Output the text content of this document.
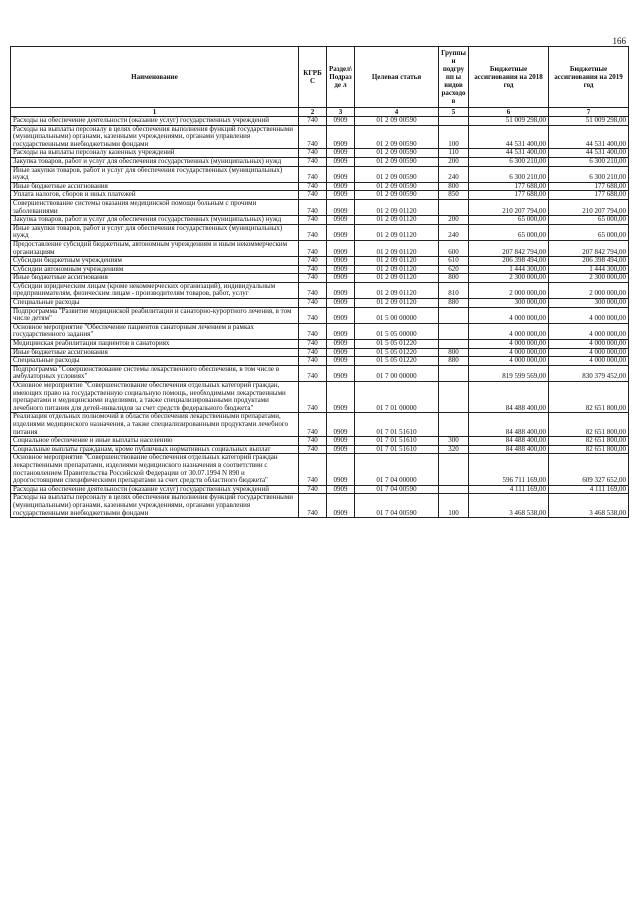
166
Наименование	КГРБС	Раздел\ Подразде л	Целевая статья	Группы и подгрупп ы видов расходов	Бюджетные ассигнования на 2018 год	Бюджетные ассигнования на 2019 год
1	2	3	4	5	6	7
Расходы на обеспечение деятельности (оказание услуг) государственных учреждений	740	0909	01 2 09 00590		51 009 298,00	51 009 298,00
Расходы на выплаты персоналу в целях обеспечения выполнения функций государственными (муниципальными) органами, казенными учреждениями, органами управления государственными внебюджетными фондами	740	0909	01 2 09 00590	100	44 531 400,00	44 531 400,00
Расходы на выплаты персоналу казенных учреждений	740	0909	01 2 09 00590	110	44 531 400,00	44 531 400,00
Закупка товаров, работ и услуг для обеспечения государственных (муниципальных) нужд	740	0909	01 2 09 00590	200	6 300 210,00	6 300 210,00
Иные закупки товаров, работ и услуг для обеспечения государственных (муниципальных) нужд	740	0909	01 2 09 00590	240	6 300 210,00	6 300 210,00
Иные бюджетные ассигнования	740	0909	01 2 09 00590	800	177 688,00	177 688,00
Уплата налогов, сборов и иных платежей	740	0909	01 2 09 00590	850	177 688,00	177 688,00
Совершенствование системы оказания медицинской помощи больным с прочими заболеваниями	740	0909	01 2 09 01120		210 207 794,00	210 207 794,00
Закупка товаров, работ и услуг для обеспечения государственных (муниципальных) нужд	740	0909	01 2 09 01120	200	65 000,00	65 000,00
Иные закупки товаров, работ и услуг для обеспечения государственных (муниципальных) нужд	740	0909	01 2 09 01120	240	65 000,00	65 000,00
Предоставление субсидий бюджетным, автономным учреждениям и иным некоммерческим организациям	740	0909	01 2 09 01120	600	207 842 794,00	207 842 794,00
Субсидии бюджетным учреждениям	740	0909	01 2 09 01120	610	206 398 494,00	206 398 494,00
Субсидии автономным учреждениям	740	0909	01 2 09 01120	620	1 444 300,00	1 444 300,00
Иные бюджетные ассигнования	740	0909	01 2 09 01120	800	2 300 000,00	2 300 000,00
Субсидии юридическим лицам (кроме некоммерческих организаций), индивидуальным предпринимателям, физическим лицам - производителям товаров, работ, услуг	740	0909	01 2 09 01120	810	2 000 000,00	2 000 000,00
Специальные расходы	740	0909	01 2 09 01120	880	300 000,00	300 000,00
Подпрограмма "Развитие медицинской реабилитации и санаторно-курортного лечения, в том числе детям"	740	0909	01 5 00 00000		4 000 000,00	4 000 000,00
Основное мероприятие "Обеспечение пациентов санаторным лечением в рамках государственного задания"	740	0909	01 5 05 00000		4 000 000,00	4 000 000,00
Медицинская реабилитация пациентов в санаториях	740	0909	01 5 05 01220		4 000 000,00	4 000 000,00
Иные бюджетные ассигнования	740	0909	01 5 05 01220	800	4 000 000,00	4 000 000,00
Специальные расходы	740	0909	01 5 05 01220	880	4 000 000,00	4 000 000,00
Подпрограмма "Совершенствование системы лекарственного обеспечения, в том числе в амбулаторных условиях"	740	0909	01 7 00 00000		819 599 569,00	830 379 452,00
Основное мероприятие "Совершенствование обеспечения отдельных категорий граждан, имеющих право на государственную социальную помощь, необходимыми лекарственными препаратами и медицинскими изделиями, а также специализированными продуктами лечебного питания для детей-инвалидов за счет средств федерального бюджета"	740	0909	01 7 01 00000		84 488 400,00	82 651 800,00
Реализация отдельных полномочий в области обеспечения лекарственными препаратами, изделиями медицинского назначения, а также специализированными продуктами лечебного питания	740	0909	01 7 01 51610		84 488 400,00	82 651 800,00
Социальное обеспечение и иные выплаты населению	740	0909	01 7 01 51610	300	84 488 400,00	82 651 800,00
Социальные выплаты гражданам, кроме публичных нормативных социальных выплат	740	0909	01 7 01 51610	320	84 488 400,00	82 651 800,00
Основное мероприятие "Совершенствование обеспечения отдельных категорий граждан лекарственными препаратами, изделиями медицинского назначения в соответствии с постановлением Правительства Российской Федерации от 30.07.1994 N 890 и дорогостоящими специфическими препаратами за счет средств областного бюджета"	740	0909	01 7 04 00000		596 711 169,00	609 327 652,00
Расходы на обеспечение деятельности (оказание услуг) государственных учреждений	740	0909	01 7 04 00590		4 111 169,00	4 111 169,00
Расходы на выплаты персоналу в целях обеспечения выполнения функций государственными (муниципальными) органами, казенными учреждениями, органами управления государственными внебюджетными фондами	740	0909	01 7 04 00590	100	3 468 538,00	3 468 538,00
